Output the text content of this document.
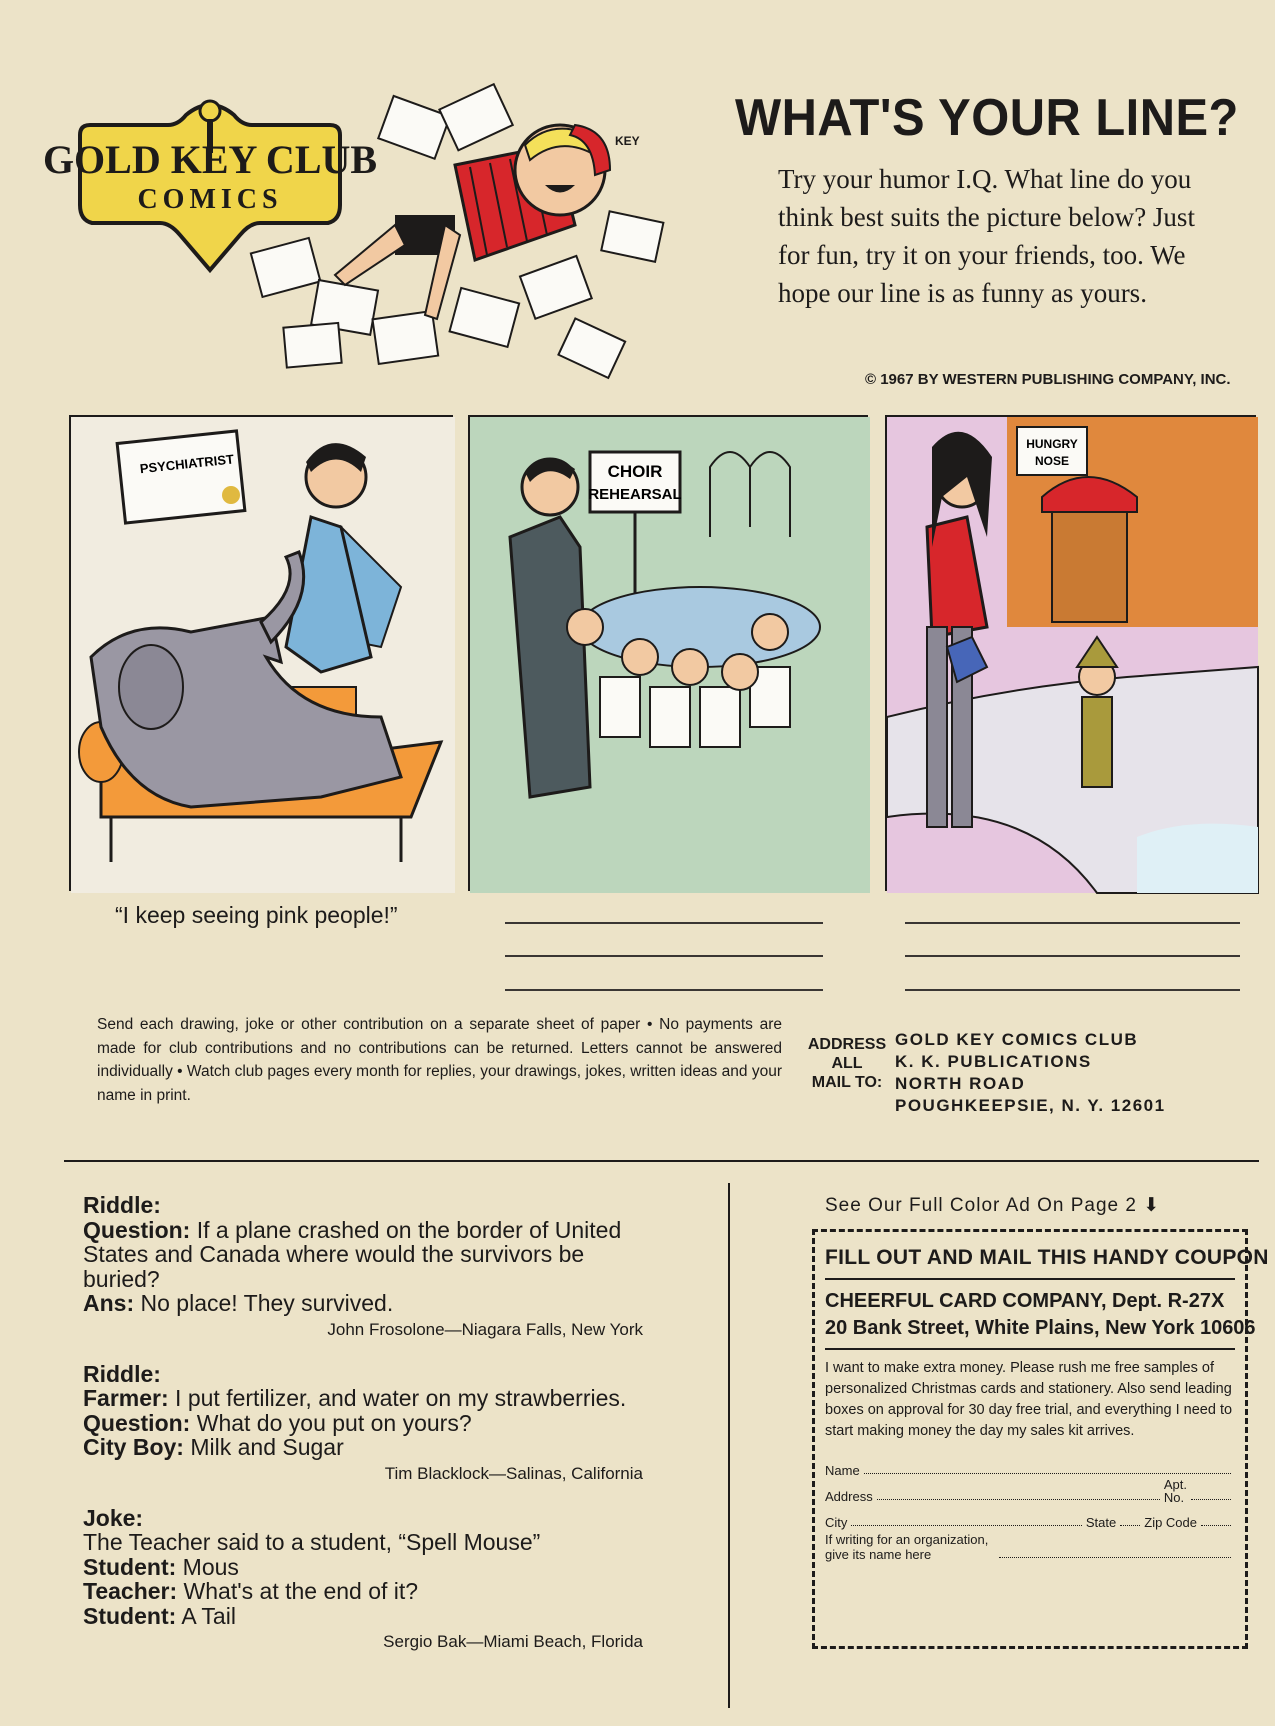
GOLD KEY CLUB
COMICS
KEY WHAT'S YOUR LINE?

Try your humor I.Q. What line do you think best suits the picture below? Just for fun, try it on your friends, too. We hope our line is as funny as yours.

© 1967 BY WESTERN PUBLISHING COMPANY, INC.
PSYCHIATRIST	CHOIR
REHEARSAL
HUNGRY
NOSE
“I keep seeing pink people!”

Send each drawing, joke or other contribution on a separate sheet of paper • No payments are made for club contributions and no contributions can be returned. Letters cannot be answered individually • Watch club pages every month for replies, your drawings, jokes, written ideas and your name in print.

ADDRESS
ALL
MAIL TO:
GOLD KEY COMICS CLUB
K. K. PUBLICATIONS
NORTH ROAD
POUGHKEEPSIE, N. Y. 12601
Riddle:
Question: If a plane crashed on the border of United States and Canada where would the survivors be buried?
Ans: No place! They survived.
John Frosolone—Niagara Falls, New York
Riddle:
Farmer: I put fertilizer, and water on my strawberries.
Question: What do you put on yours?
City Boy: Milk and Sugar
Tim Blacklock—Salinas, California
Joke:
The Teacher said to a student, “Spell Mouse”
Student: Mous
Teacher: What's at the end of it?
Student: A Tail
Sergio Bak—Miami Beach, Florida
See Our Full Color Ad On Page 2 ⬇
FILL OUT AND MAIL THIS HANDY COUPON
CHEERFUL CARD COMPANY, Dept. R-27X
20 Bank Street, White Plains, New York 10606
I want to make extra money. Please rush me free samples of personalized Christmas cards and stationery. Also send leading boxes on approval for 30 day free trial, and everything I need to start making money the day my sales kit arrives.
Name
Address
Apt.
No.
City	State Zip Code
If writing for an organization, give its name here
